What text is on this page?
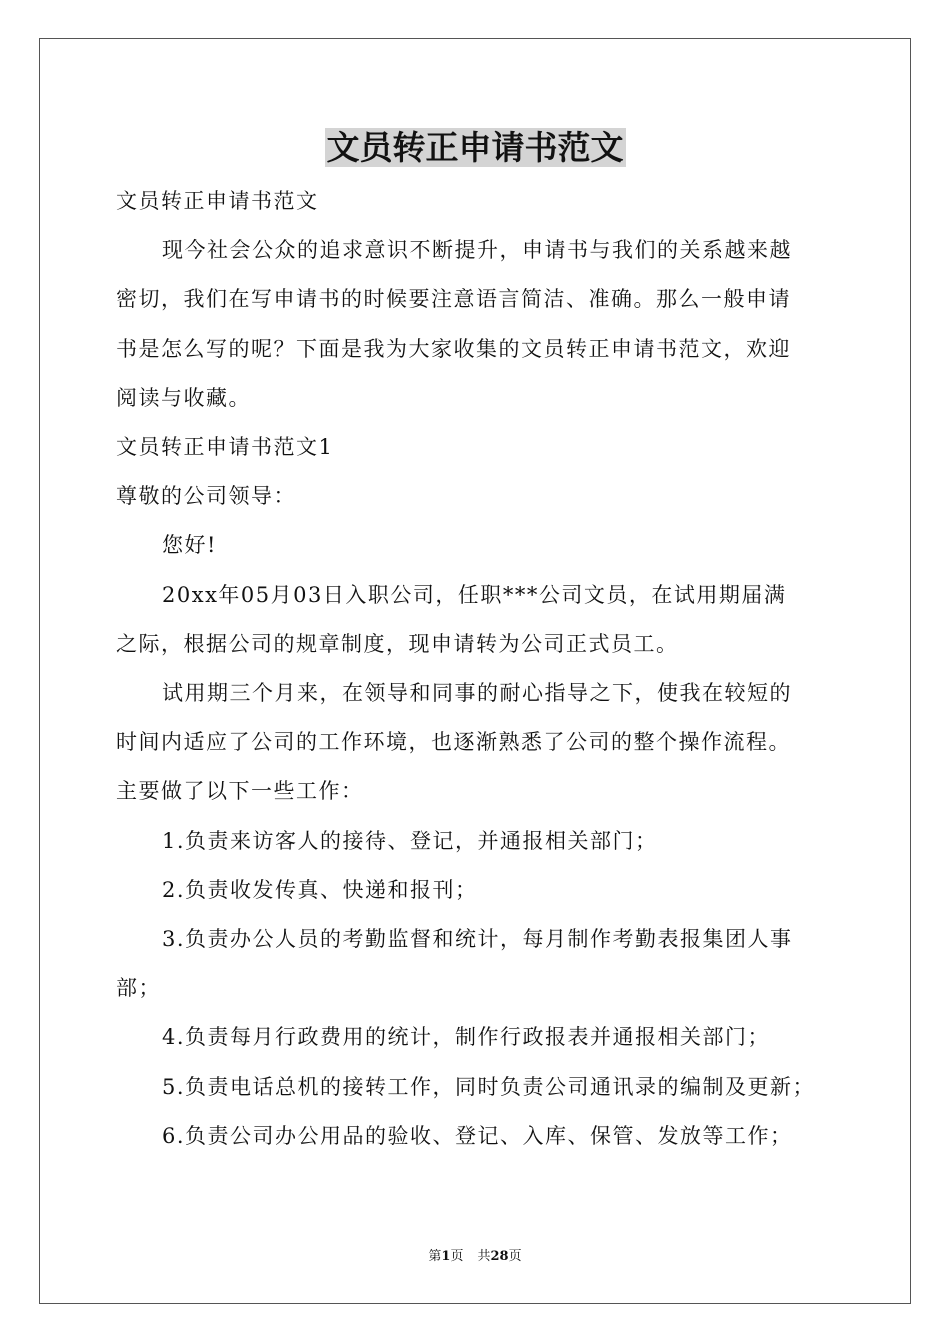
文员转正申请书范文

文员转正申请书范文

现今社会公众的追求意识不断提升，申请书与我们的关系越来越

密切，我们在写申请书的时候要注意语言简洁、准确。那么一般申请

书是怎么写的呢？下面是我为大家收集的文员转正申请书范文，欢迎

阅读与收藏。

文员转正申请书范文1

尊敬的公司领导：

您好!

20xx年05月03日入职公司，任职***公司文员，在试用期届满

之际，根据公司的规章制度，现申请转为公司正式员工。

试用期三个月来，在领导和同事的耐心指导之下，使我在较短的

时间内适应了公司的工作环境，也逐渐熟悉了公司的整个操作流程。

主要做了以下一些工作：

1.负责来访客人的接待、登记，并通报相关部门；

2.负责收发传真、快递和报刊；

3.负责办公人员的考勤监督和统计，每月制作考勤表报集团人事

部；

4.负责每月行政费用的统计，制作行政报表并通报相关部门；

5.负责电话总机的接转工作，同时负责公司通讯录的编制及更新；

6.负责公司办公用品的验收、登记、入库、保管、发放等工作；

第1页 共28页
